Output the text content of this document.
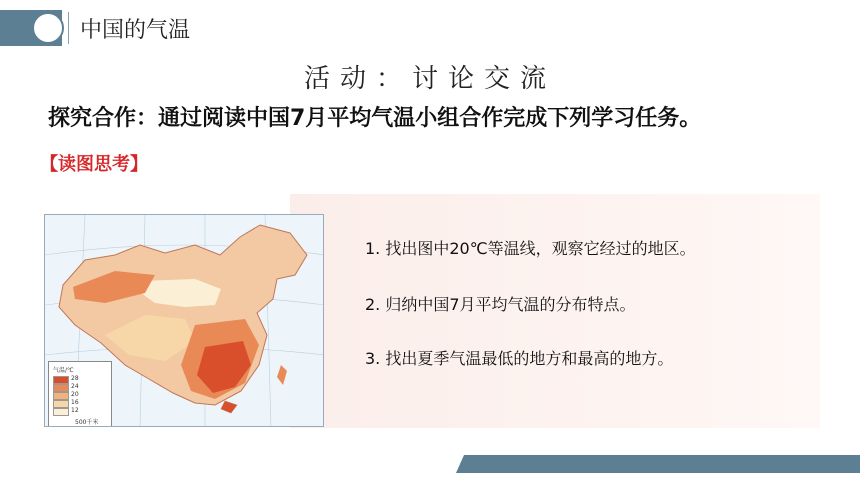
中国的气温
活动：讨论交流
探究合作：通过阅读中国7月平均气温小组合作完成下列学习任务。
【读图思考】
1. 找出图中20℃等温线，观察它经过的地区。
2. 归纳中国7月平均气温的分布特点。
3. 找出夏季气温最低的地方和最高的地方。
气温/℃
28
24
20
16
12
500千米
